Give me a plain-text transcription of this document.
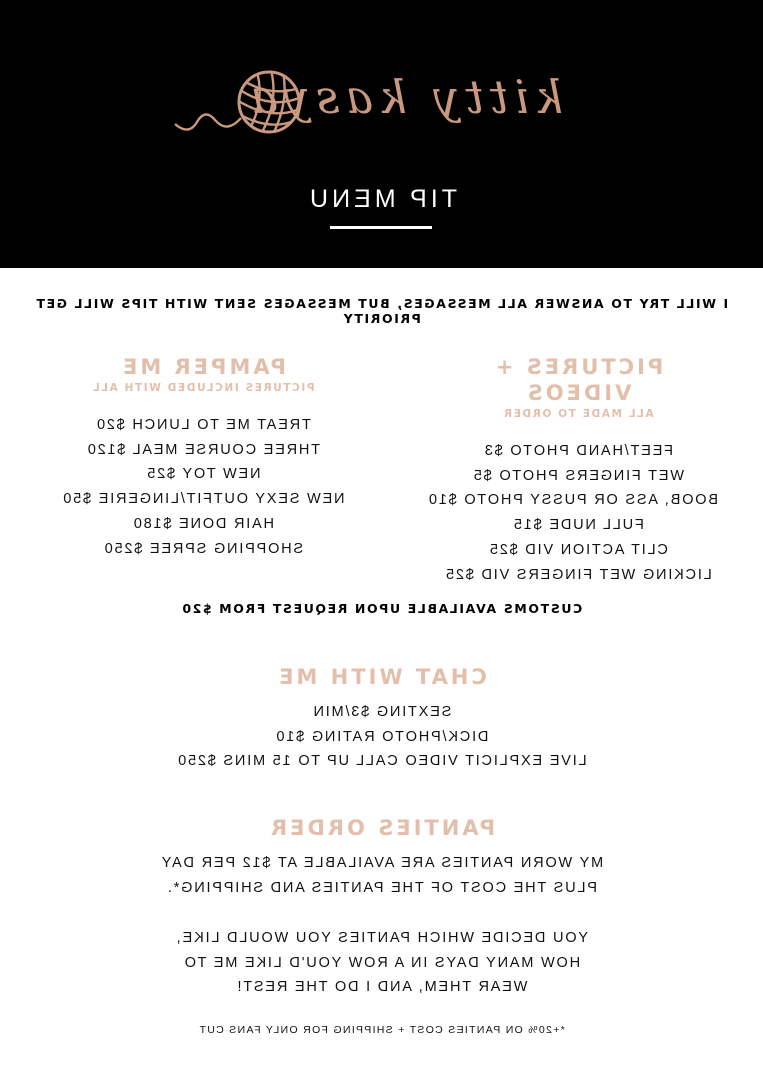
kitty kasya
TIP MENU
I WILL TRY TO ANSWER ALL MESSAGES, BUT MESSAGES SENT WITH TIPS WILL GET PRIORITY
PICTURES + VIDEOS
ALL MADE TO ORDER
FEET/HAND PHOTO $3
WET FINGERS PHOTO $5
BOOB, ASS OR PUSSY PHOTO $10
FULL NUDE $15
CLIT ACTION VID $25
LICKING WET FINGERS VID $25
PAMPER ME
PICTURES INCLUDED WITH ALL
TREAT ME TO LUNCH $20
THREE COURSE MEAL $120
NEW TOY $25
NEW SEXY OUTFIT/LINGERIE $50
HAIR DONE $180
SHOPPING SPREE $250
CUSTOMS AVAILABLE UPON REQUEST FROM $20
CHAT WITH ME
SEXTING $3/MIN
DICK/PHOTO RATING $10
LIVE EXPLICIT VIDEO CALL UP TO 15 MINS $250
PANTIES ORDER

MY WORN PANTIES ARE AVAILABLE AT $12 PER DAY

PLUS THE COST OF THE PANTIES AND SHIPPING*.

YOU DECIDE WHICH PANTIES YOU WOULD LIKE,

HOW MANY DAYS IN A ROW YOU'D LIKE ME TO

WEAR THEM, AND I DO THE REST!

*+20% ON PANTIES COST + SHIPPING FOR ONLY FANS CUT
